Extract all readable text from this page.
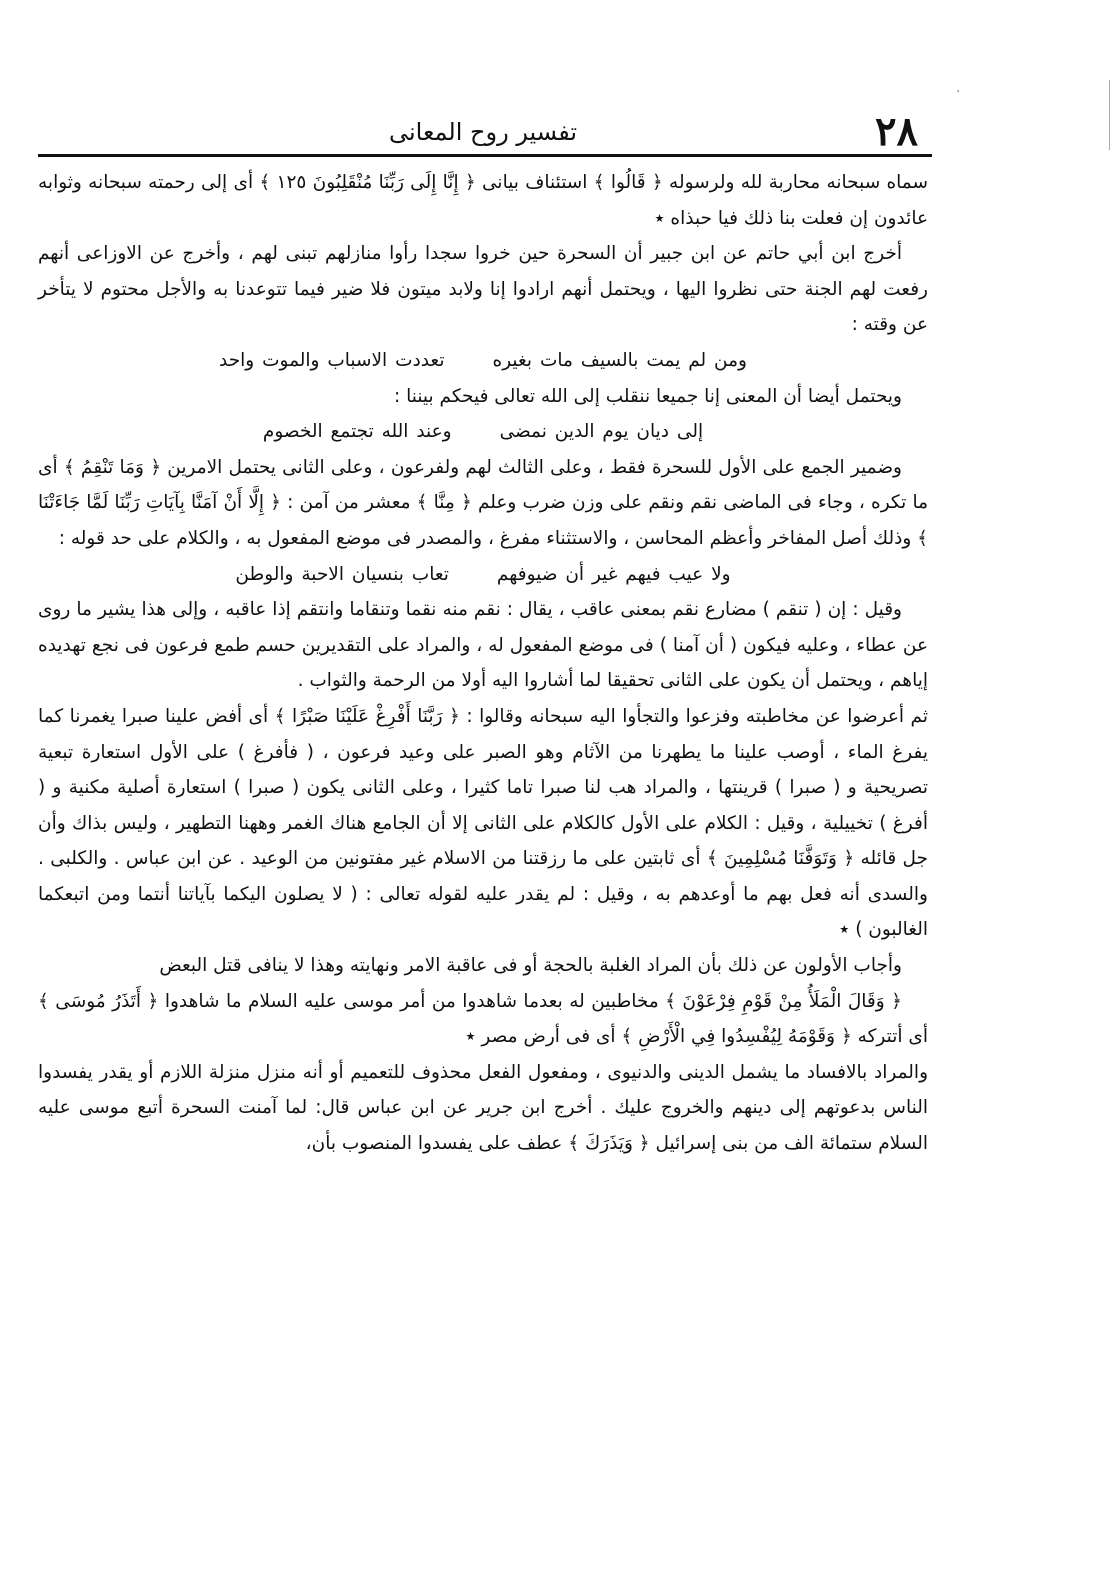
·
٢٨
تفسير روح المعانى

سماه سبحانه محاربة لله ولرسوله ﴿ قَالُوا ﴾ استئناف بيانى ﴿ إِنَّا إِلَى رَبِّنَا مُنْقَلِبُونَ ١٢٥ ﴾ أى إلى رحمته سبحانه وثوابه عائدون إن فعلت بنا ذلك فيا حبذاه ٭

أخرج ابن أبي حاتم عن ابن جبير أن السحرة حين خروا سجدا رأوا منازلهم تبنى لهم ، وأخرج عن الاوزاعى أنهم رفعت لهم الجنة حتى نظروا اليها ، ويحتمل أنهم ارادوا إنا ولابد ميتون فلا ضير فيما تتوعدنا به والأجل محتوم لا يتأخر عن وقته :

ومن لم يمت بالسيف مات بغيرهتعددت الاسباب والموت واحد

ويحتمل أيضا أن المعنى إنا جميعا ننقلب إلى الله تعالى فيحكم بيننا :

إلى ديان يوم الدين نمضىوعند الله تجتمع الخصوم

وضمير الجمع على الأول للسحرة فقط ، وعلى الثالث لهم ولفرعون ، وعلى الثانى يحتمل الامرين ﴿ وَمَا تَنْقِمُ ﴾ أى ما تكره ، وجاء فى الماضى نقم ونقم على وزن ضرب وعلم ﴿ مِنَّا ﴾ معشر من آمن : ﴿ إِلَّا أَنْ آمَنَّا بِآيَاتِ رَبِّنَا لَمَّا جَاءَتْنَا ﴾ وذلك أصل المفاخر وأعظم المحاسن ، والاستثناء مفرغ ، والمصدر فى موضع المفعول به ، والكلام على حد قوله :

ولا عيب فيهم غير أن ضيوفهمتعاب بنسيان الاحبة والوطن

وقيل : إن ( تنقم ) مضارع نقم بمعنى عاقب ، يقال : نقم منه نقما وتنقاما وانتقم إذا عاقبه ، وإلى هذا يشير ما روى عن عطاء ، وعليه فيكون ( أن آمنا ) فى موضع المفعول له ، والمراد على التقديرين حسم طمع فرعون فى نجع تهديده إياهم ، ويحتمل أن يكون على الثانى تحقيقا لما أشاروا اليه أولا من الرحمة والثواب .

ثم أعرضوا عن مخاطبته وفزعوا والتجأوا اليه سبحانه وقالوا : ﴿ رَبَّنَا أَفْرِغْ عَلَيْنَا صَبْرًا ﴾ أى أفض علينا صبرا يغمرنا كما يفرغ الماء ، أوصب علينا ما يطهرنا من الآثام وهو الصبر على وعيد فرعون ، ( فأفرغ ) على الأول استعارة تبعية تصريحية و ( صبرا ) قرينتها ، والمراد هب لنا صبرا تاما كثيرا ، وعلى الثانى يكون ( صبرا ) استعارة أصلية مكنية و ( أفرغ ) تخييلية ، وقيل : الكلام على الأول كالكلام على الثانى إلا أن الجامع هناك الغمر وههنا التطهير ، وليس بذاك وأن جل قائله ﴿ وَتَوَفَّنَا مُسْلِمِينَ ﴾ أى ثابتين على ما رزقتنا من الاسلام غير مفتونين من الوعيد . عن ابن عباس . والكلبى . والسدى أنه فعل بهم ما أوعدهم به ، وقيل : لم يقدر عليه لقوله تعالى : ( لا يصلون اليكما بآياتنا أنتما ومن اتبعكما الغالبون ) ٭

وأجاب الأولون عن ذلك بأن المراد الغلبة بالحجة أو فى عاقبة الامر ونهايته وهذا لا ينافى قتل البعض

﴿ وَقَالَ الْمَلَأُ مِنْ قَوْمِ فِرْعَوْنَ ﴾ مخاطبين له بعدما شاهدوا من أمر موسى عليه السلام ما شاهدوا ﴿ أَتَذَرُ مُوسَى ﴾ أى أتتركه ﴿ وَقَوْمَهُ لِيُفْسِدُوا فِي الْأَرْضِ ﴾ أى فى أرض مصر ٭

والمراد بالافساد ما يشمل الدينى والدنيوى ، ومفعول الفعل محذوف للتعميم أو أنه منزل منزلة اللازم أو يقدر يفسدوا الناس بدعوتهم إلى دينهم والخروج عليك . أخرج ابن جرير عن ابن عباس قال: لما آمنت السحرة أتبع موسى عليه السلام ستمائة الف من بنى إسرائيل ﴿ وَيَذَرَكَ ﴾ عطف على يفسدوا المنصوب بأن،
